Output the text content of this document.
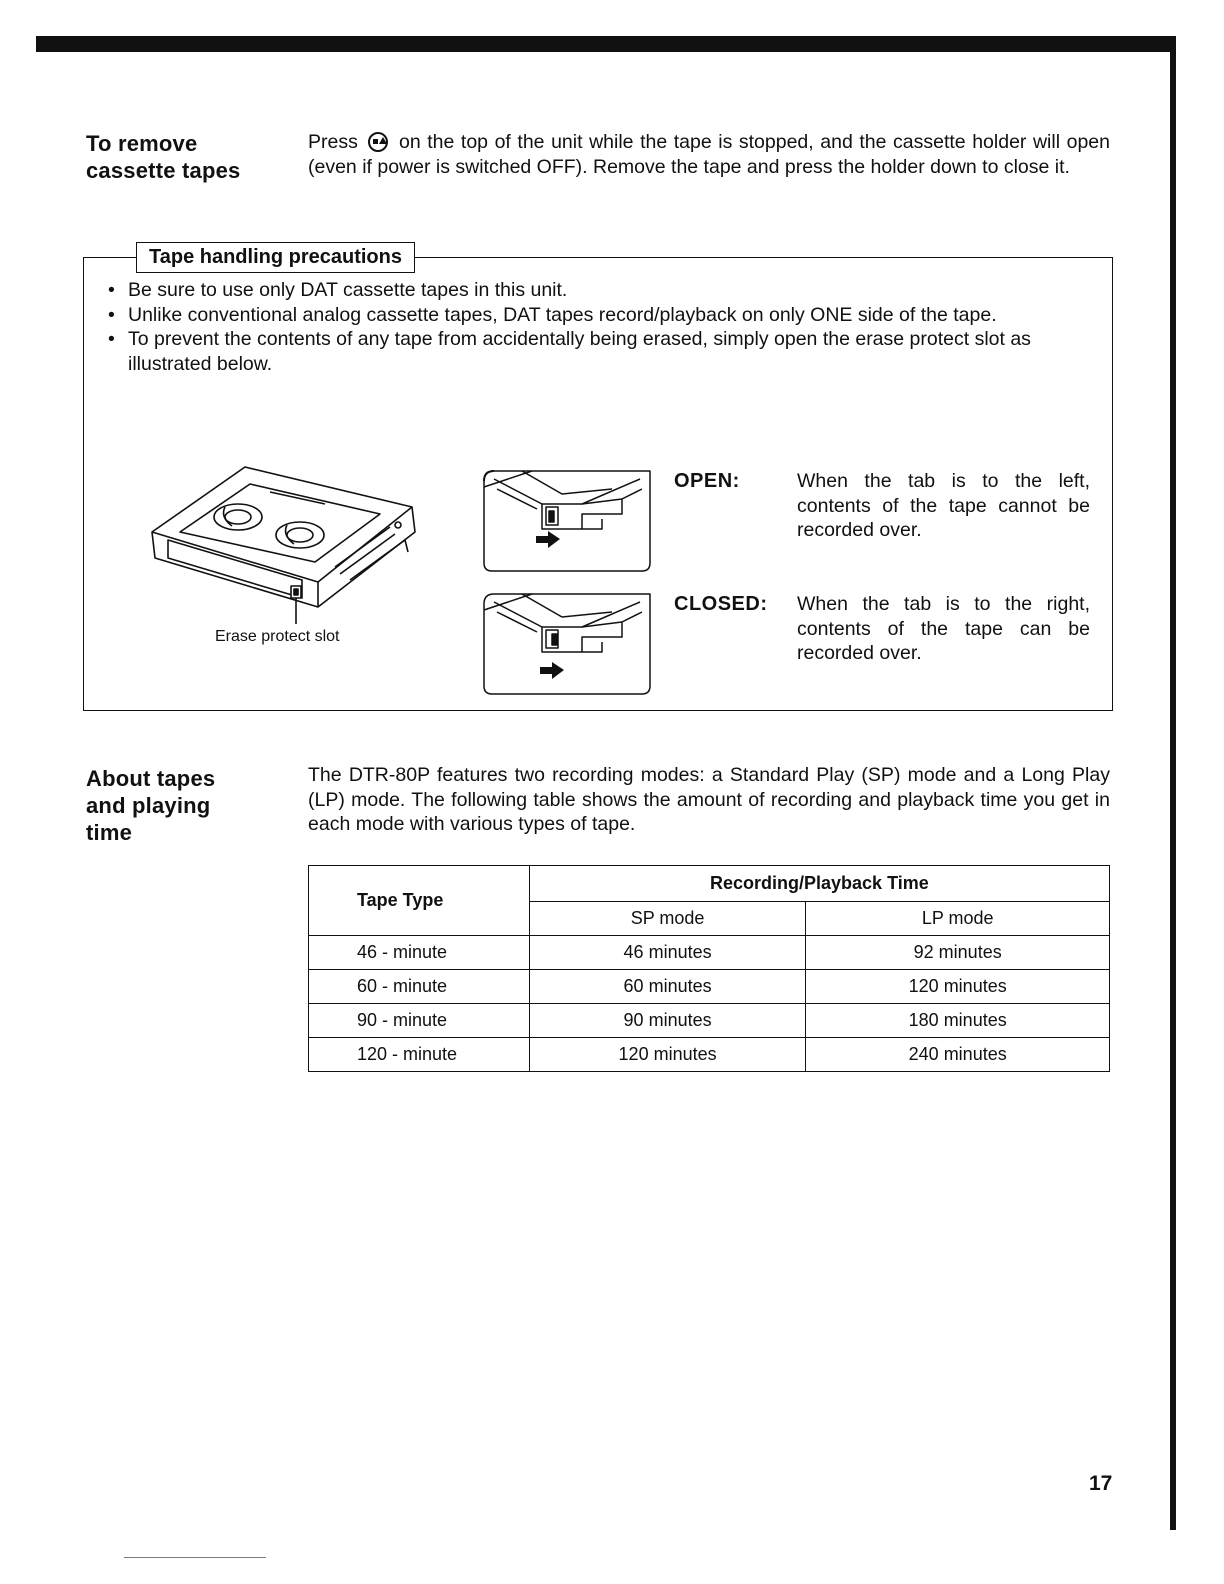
To remove
cassette tapes
Press on the top of the unit while the tape is stopped, and the cassette holder will open (even if power is switched OFF). Remove the tape and press the holder down to close it.
Tape handling precautions
• Be sure to use only DAT cassette tapes in this unit.
• Unlike conventional analog cassette tapes, DAT tapes record/playback on only ONE side of the tape.
• To prevent the contents of any tape from accidentally being erased, simply open the erase protect slot as illustrated below.
Erase protect slot
OPEN:	When the tab is to the left, contents of the tape cannot be recorded over.
CLOSED: When the tab is to the right, contents of the tape can be recorded over.
About tapes
and playing
time
The DTR-80P features two recording modes: a Standard Play (SP) mode and a Long Play (LP) mode. The following table shows the amount of recording and playback time you get in each mode with various types of tape.
Tape Type	Recording/Playback Time	
	SP mode	LP mode
46 - minute	46 minutes	92 minutes
60 - minute	60 minutes	120 minutes
90 - minute	90 minutes	180 minutes
120 - minute	120 minutes	240 minutes
17
